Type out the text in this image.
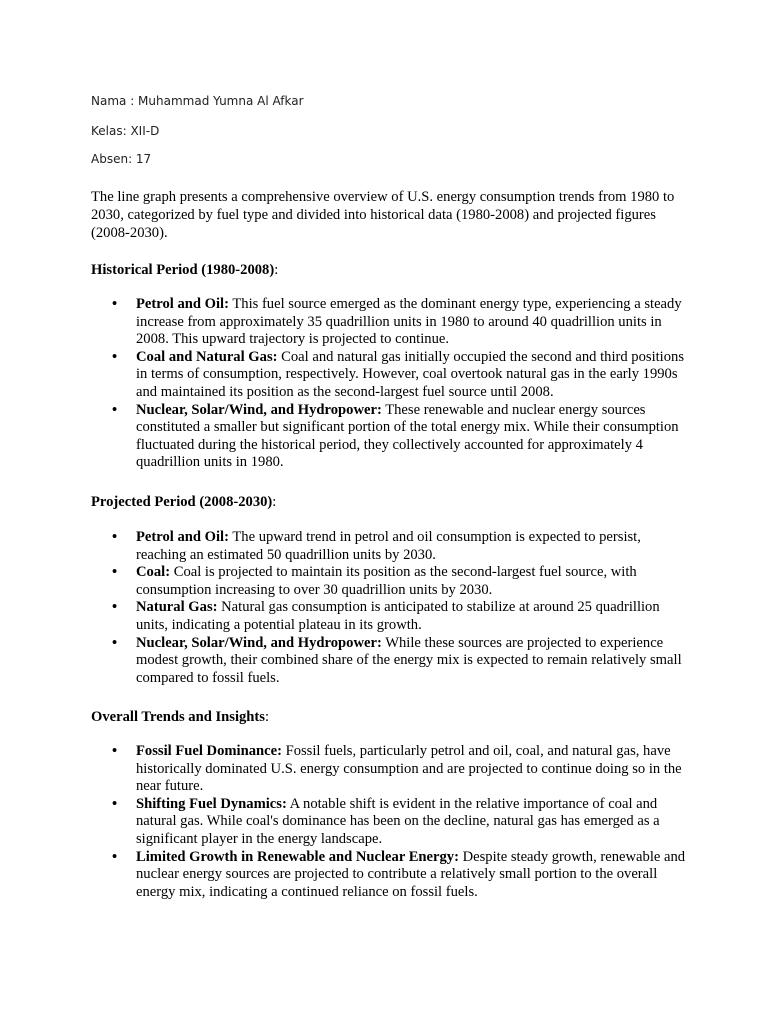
Nama : Muhammad Yumna Al Afkar
Kelas: XII-D
Absen: 17

The line graph presents a comprehensive overview of U.S. energy consumption trends from 1980 to 2030, categorized by fuel type and divided into historical data (1980-2008) and projected figures (2008-2030).

Historical Period (1980-2008):

• Petrol and Oil: This fuel source emerged as the dominant energy type, experiencing a steady increase from approximately 35 quadrillion units in 1980 to around 40 quadrillion units in 2008. This upward trajectory is projected to continue.
• Coal and Natural Gas: Coal and natural gas initially occupied the second and third positions in terms of consumption, respectively. However, coal overtook natural gas in the early 1990s and maintained its position as the second-largest fuel source until 2008.
• Nuclear, Solar/Wind, and Hydropower: These renewable and nuclear energy sources constituted a smaller but significant portion of the total energy mix. While their consumption fluctuated during the historical period, they collectively accounted for approximately 4 quadrillion units in 1980.

Projected Period (2008-2030):

• Petrol and Oil: The upward trend in petrol and oil consumption is expected to persist, reaching an estimated 50 quadrillion units by 2030.
• Coal: Coal is projected to maintain its position as the second-largest fuel source, with consumption increasing to over 30 quadrillion units by 2030.
• Natural Gas: Natural gas consumption is anticipated to stabilize at around 25 quadrillion units, indicating a potential plateau in its growth.
• Nuclear, Solar/Wind, and Hydropower: While these sources are projected to experience modest growth, their combined share of the energy mix is expected to remain relatively small compared to fossil fuels.

Overall Trends and Insights:

• Fossil Fuel Dominance: Fossil fuels, particularly petrol and oil, coal, and natural gas, have historically dominated U.S. energy consumption and are projected to continue doing so in the near future.
• Shifting Fuel Dynamics: A notable shift is evident in the relative importance of coal and natural gas. While coal's dominance has been on the decline, natural gas has emerged as a significant player in the energy landscape.
• Limited Growth in Renewable and Nuclear Energy: Despite steady growth, renewable and nuclear energy sources are projected to contribute a relatively small portion to the overall energy mix, indicating a continued reliance on fossil fuels.
